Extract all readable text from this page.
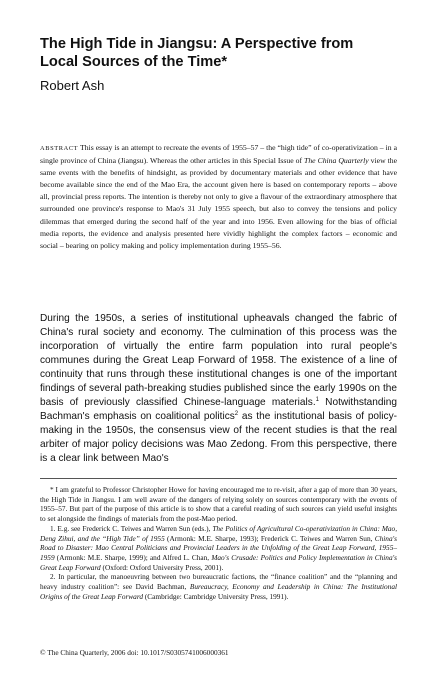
The High Tide in Jiangsu: A Perspective from Local Sources of the Time*
Robert Ash

ABSTRACT This essay is an attempt to recreate the events of 1955–57 – the “high tide” of co-operativization – in a single province of China (Jiangsu). Whereas the other articles in this Special Issue of The China Quarterly view the same events with the benefits of hindsight, as provided by documentary materials and other evidence that have become available since the end of the Mao Era, the account given here is based on contemporary reports – above all, provincial press reports. The intention is thereby not only to give a flavour of the extraordinary atmosphere that surrounded one province's response to Mao's 31 July 1955 speech, but also to convey the tensions and policy dilemmas that emerged during the second half of the year and into 1956. Even allowing for the bias of official media reports, the evidence and analysis presented here vividly highlight the complex factors – economic and social – bearing on policy making and policy implementation during 1955–56.

During the 1950s, a series of institutional upheavals changed the fabric of China's rural society and economy. The culmination of this process was the incorporation of virtually the entire farm population into rural people's communes during the Great Leap Forward of 1958. The existence of a line of continuity that runs through these institutional changes is one of the important findings of several path-breaking studies published since the early 1990s on the basis of previously classified Chinese-language materials.$^1$ Notwithstanding Bachman's emphasis on coalitional politics$^2$ as the institutional basis of policy-making in the 1950s, the consensus view of the recent studies is that the real arbiter of major policy decisions was Mao Zedong. From this perspective, there is a clear link between Mao's

* I am grateful to Professor Christopher Howe for having encouraged me to re-visit, after a gap of more than 30 years, the High Tide in Jiangsu. I am well aware of the dangers of relying solely on sources contemporary with the events of 1955–57. But part of the purpose of this article is to show that a careful reading of such sources can yield useful insights to set alongside the findings of materials from the post-Mao period.

1. E.g. see Frederick C. Teiwes and Warren Sun (eds.), The Politics of Agricultural Co-operativization in China: Mao, Deng Zihui, and the “High Tide” of 1955 (Armonk: M.E. Sharpe, 1993); Frederick C. Teiwes and Warren Sun, China's Road to Disaster: Mao Central Politicians and Provincial Leaders in the Unfolding of the Great Leap Forward, 1955–1959 (Armonk: M.E. Sharpe, 1999); and Alfred L. Chan, Mao's Crusade: Politics and Policy Implementation in China's Great Leap Forward (Oxford: Oxford University Press, 2001).

2. In particular, the manoeuvring between two bureaucratic factions, the “finance coalition” and the “planning and heavy industry coalition”: see David Bachman, Bureaucracy, Economy and Leadership in China: The Institutional Origins of the Great Leap Forward (Cambridge: Cambridge University Press, 1991).

© The China Quarterly, 2006 doi: 10.1017/S0305741006000361
